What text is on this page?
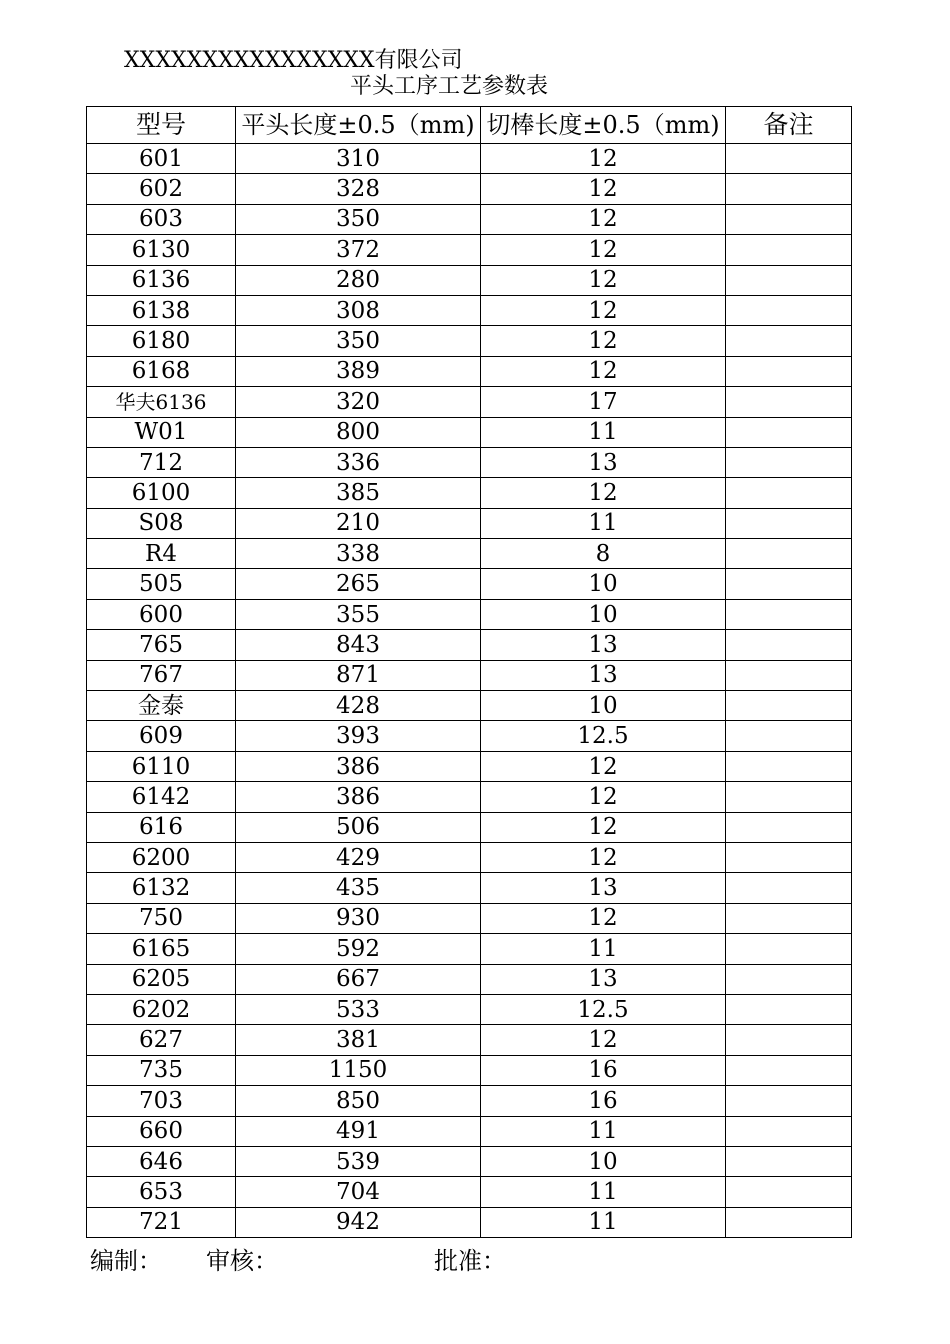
XXXXXXXXXXXXXXXX有限公司
平头工序工艺参数表
型号	平头长度±0.5（mm)	切棒长度±0.5（mm)	备注
601	310	12	
602	328	12	
603	350	12	
6130	372	12	
6136	280	12	
6138	308	12	
6180	350	12	
6168	389	12	
华夫6136	320	17	
W01	800	11	
712	336	13	
6100	385	12	
S08	210	11	
R4	338	8	
505	265	10	
600	355	10	
765	843	13	
767	871	13	
金泰	428	10	
609	393	12.5	
6110	386	12	
6142	386	12	
616	506	12	
6200	429	12	
6132	435	13	
750	930	12	
6165	592	11	
6205	667	13	
6202	533	12.5	
627	381	12	
735	1150	16	
703	850	16	
660	491	11	
646	539	10	
653	704	11	
721	942	11	
编制： 审核：	批准：
